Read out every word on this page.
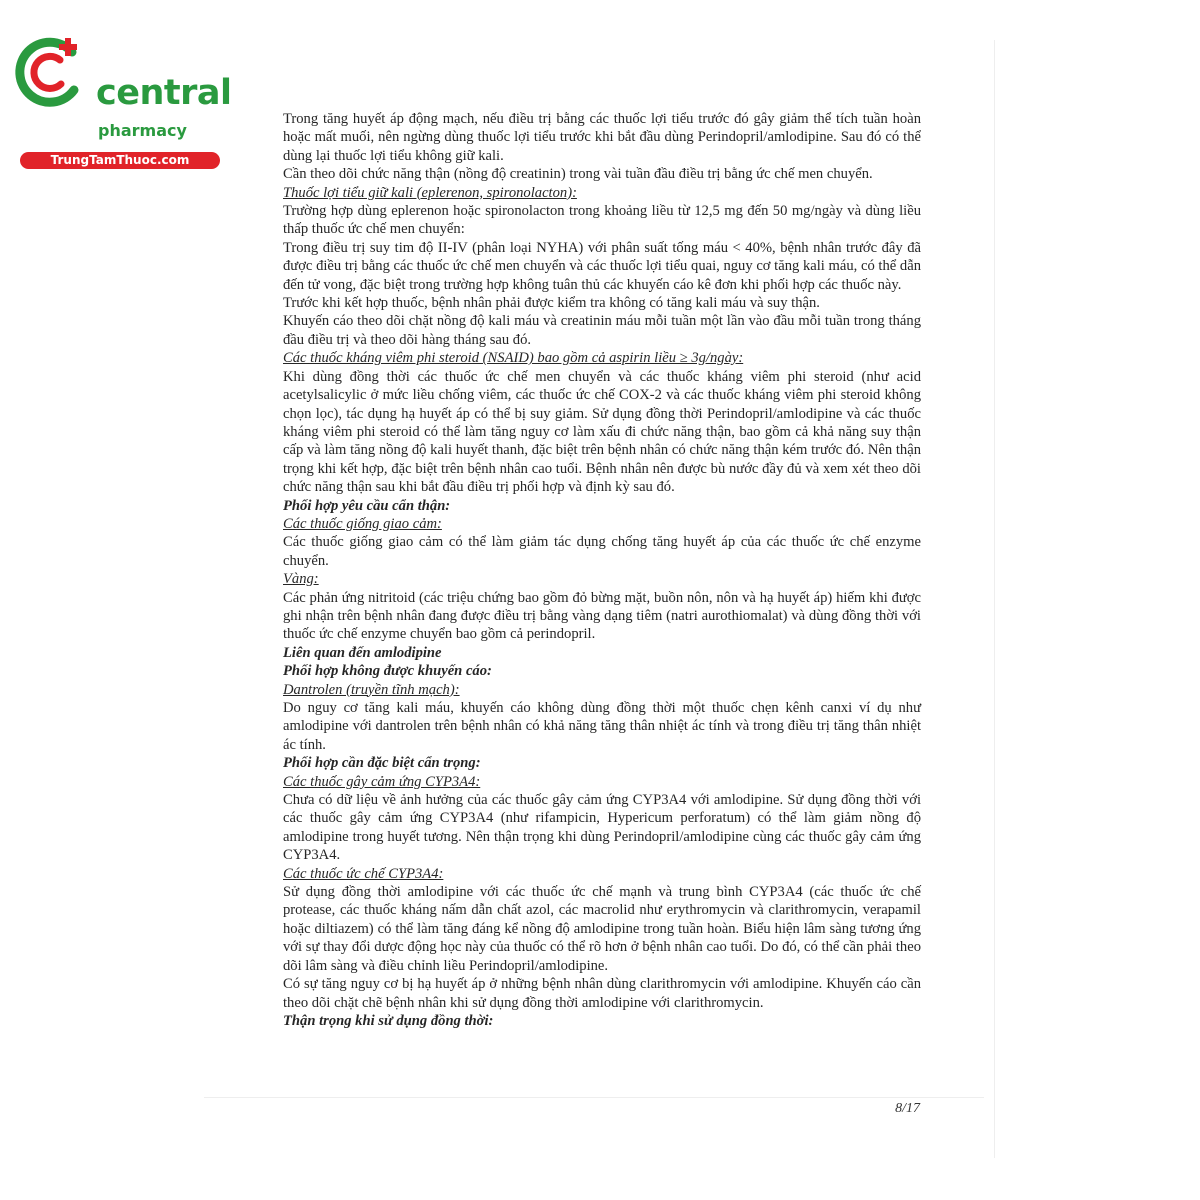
central
pharmacy
TrungTamThuoc.com

Trong tăng huyết áp động mạch, nếu điều trị bằng các thuốc lợi tiểu trước đó gây giảm thể tích tuần hoàn hoặc mất muối, nên ngừng dùng thuốc lợi tiểu trước khi bắt đầu dùng Perindopril/amlodipine. Sau đó có thể dùng lại thuốc lợi tiểu không giữ kali.

Cần theo dõi chức năng thận (nồng độ creatinin) trong vài tuần đầu điều trị bằng ức chế men chuyển.

Thuốc lợi tiểu giữ kali (eplerenon, spironolacton):

Trường hợp dùng eplerenon hoặc spironolacton trong khoảng liều từ 12,5 mg đến 50 mg/ngày và dùng liều thấp thuốc ức chế men chuyển:

Trong điều trị suy tim độ II-IV (phân loại NYHA) với phân suất tống máu < 40%, bệnh nhân trước đây đã được điều trị bằng các thuốc ức chế men chuyển và các thuốc lợi tiểu quai, nguy cơ tăng kali máu, có thể dẫn đến tử vong, đặc biệt trong trường hợp không tuân thủ các khuyến cáo kê đơn khi phối hợp các thuốc này.

Trước khi kết hợp thuốc, bệnh nhân phải được kiểm tra không có tăng kali máu và suy thận.

Khuyến cáo theo dõi chặt nồng độ kali máu và creatinin máu mỗi tuần một lần vào đầu mỗi tuần trong tháng đầu điều trị và theo dõi hàng tháng sau đó.

Các thuốc kháng viêm phi steroid (NSAID) bao gồm cả aspirin liều ≥ 3g/ngày:

Khi dùng đồng thời các thuốc ức chế men chuyển và các thuốc kháng viêm phi steroid (như acid acetylsalicylic ở mức liều chống viêm, các thuốc ức chế COX-2 và các thuốc kháng viêm phi steroid không chọn lọc), tác dụng hạ huyết áp có thể bị suy giảm. Sử dụng đồng thời Perindopril/amlodipine và các thuốc kháng viêm phi steroid có thể làm tăng nguy cơ làm xấu đi chức năng thận, bao gồm cả khả năng suy thận cấp và làm tăng nồng độ kali huyết thanh, đặc biệt trên bệnh nhân có chức năng thận kém trước đó. Nên thận trọng khi kết hợp, đặc biệt trên bệnh nhân cao tuổi. Bệnh nhân nên được bù nước đầy đủ và xem xét theo dõi chức năng thận sau khi bắt đầu điều trị phối hợp và định kỳ sau đó.

Phối hợp yêu cầu cẩn thận:

Các thuốc giống giao cảm:

Các thuốc giống giao cảm có thể làm giảm tác dụng chống tăng huyết áp của các thuốc ức chế enzyme chuyển.

Vàng:

Các phản ứng nitritoid (các triệu chứng bao gồm đỏ bừng mặt, buồn nôn, nôn và hạ huyết áp) hiếm khi được ghi nhận trên bệnh nhân đang được điều trị bằng vàng dạng tiêm (natri aurothiomalat) và dùng đồng thời với thuốc ức chế enzyme chuyển bao gồm cả perindopril.

Liên quan đến amlodipine

Phối hợp không được khuyến cáo:

Dantrolen (truyền tĩnh mạch):

Do nguy cơ tăng kali máu, khuyến cáo không dùng đồng thời một thuốc chẹn kênh canxi ví dụ như amlodipine với dantrolen trên bệnh nhân có khả năng tăng thân nhiệt ác tính và trong điều trị tăng thân nhiệt ác tính.

Phối hợp cần đặc biệt cẩn trọng:

Các thuốc gây cảm ứng CYP3A4:

Chưa có dữ liệu về ảnh hưởng của các thuốc gây cảm ứng CYP3A4 với amlodipine. Sử dụng đồng thời với các thuốc gây cảm ứng CYP3A4 (như rifampicin, Hypericum perforatum) có thể làm giảm nồng độ amlodipine trong huyết tương. Nên thận trọng khi dùng Perindopril/amlodipine cùng các thuốc gây cảm ứng CYP3A4.

Các thuốc ức chế CYP3A4:

Sử dụng đồng thời amlodipine với các thuốc ức chế mạnh và trung bình CYP3A4 (các thuốc ức chế protease, các thuốc kháng nấm dẫn chất azol, các macrolid như erythromycin và clarithromycin, verapamil hoặc diltiazem) có thể làm tăng đáng kể nồng độ amlodipine trong tuần hoàn. Biểu hiện lâm sàng tương ứng với sự thay đổi dược động học này của thuốc có thể rõ hơn ở bệnh nhân cao tuổi. Do đó, có thể cần phải theo dõi lâm sàng và điều chỉnh liều Perindopril/amlodipine.

Có sự tăng nguy cơ bị hạ huyết áp ở những bệnh nhân dùng clarithromycin với amlodipine. Khuyến cáo cần theo dõi chặt chẽ bệnh nhân khi sử dụng đồng thời amlodipine với clarithromycin.

Thận trọng khi sử dụng đồng thời:

8/17
